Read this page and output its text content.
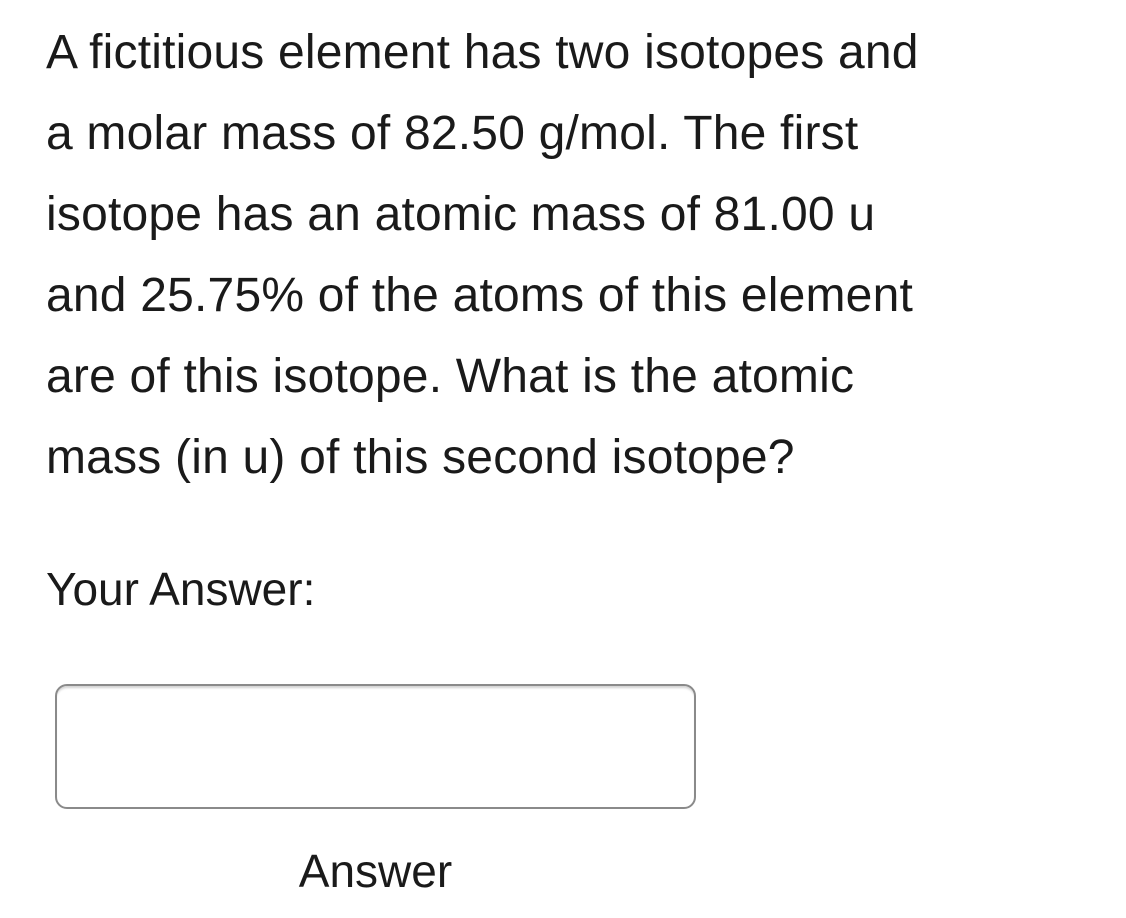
A fictitious element has two isotopes and
a molar mass of 82.50 g/mol. The first
isotope has an atomic mass of 81.00 u
and 25.75% of the atoms of this element
are of this isotope. What is the atomic
mass (in u) of this second isotope?
Your Answer:
Answer
